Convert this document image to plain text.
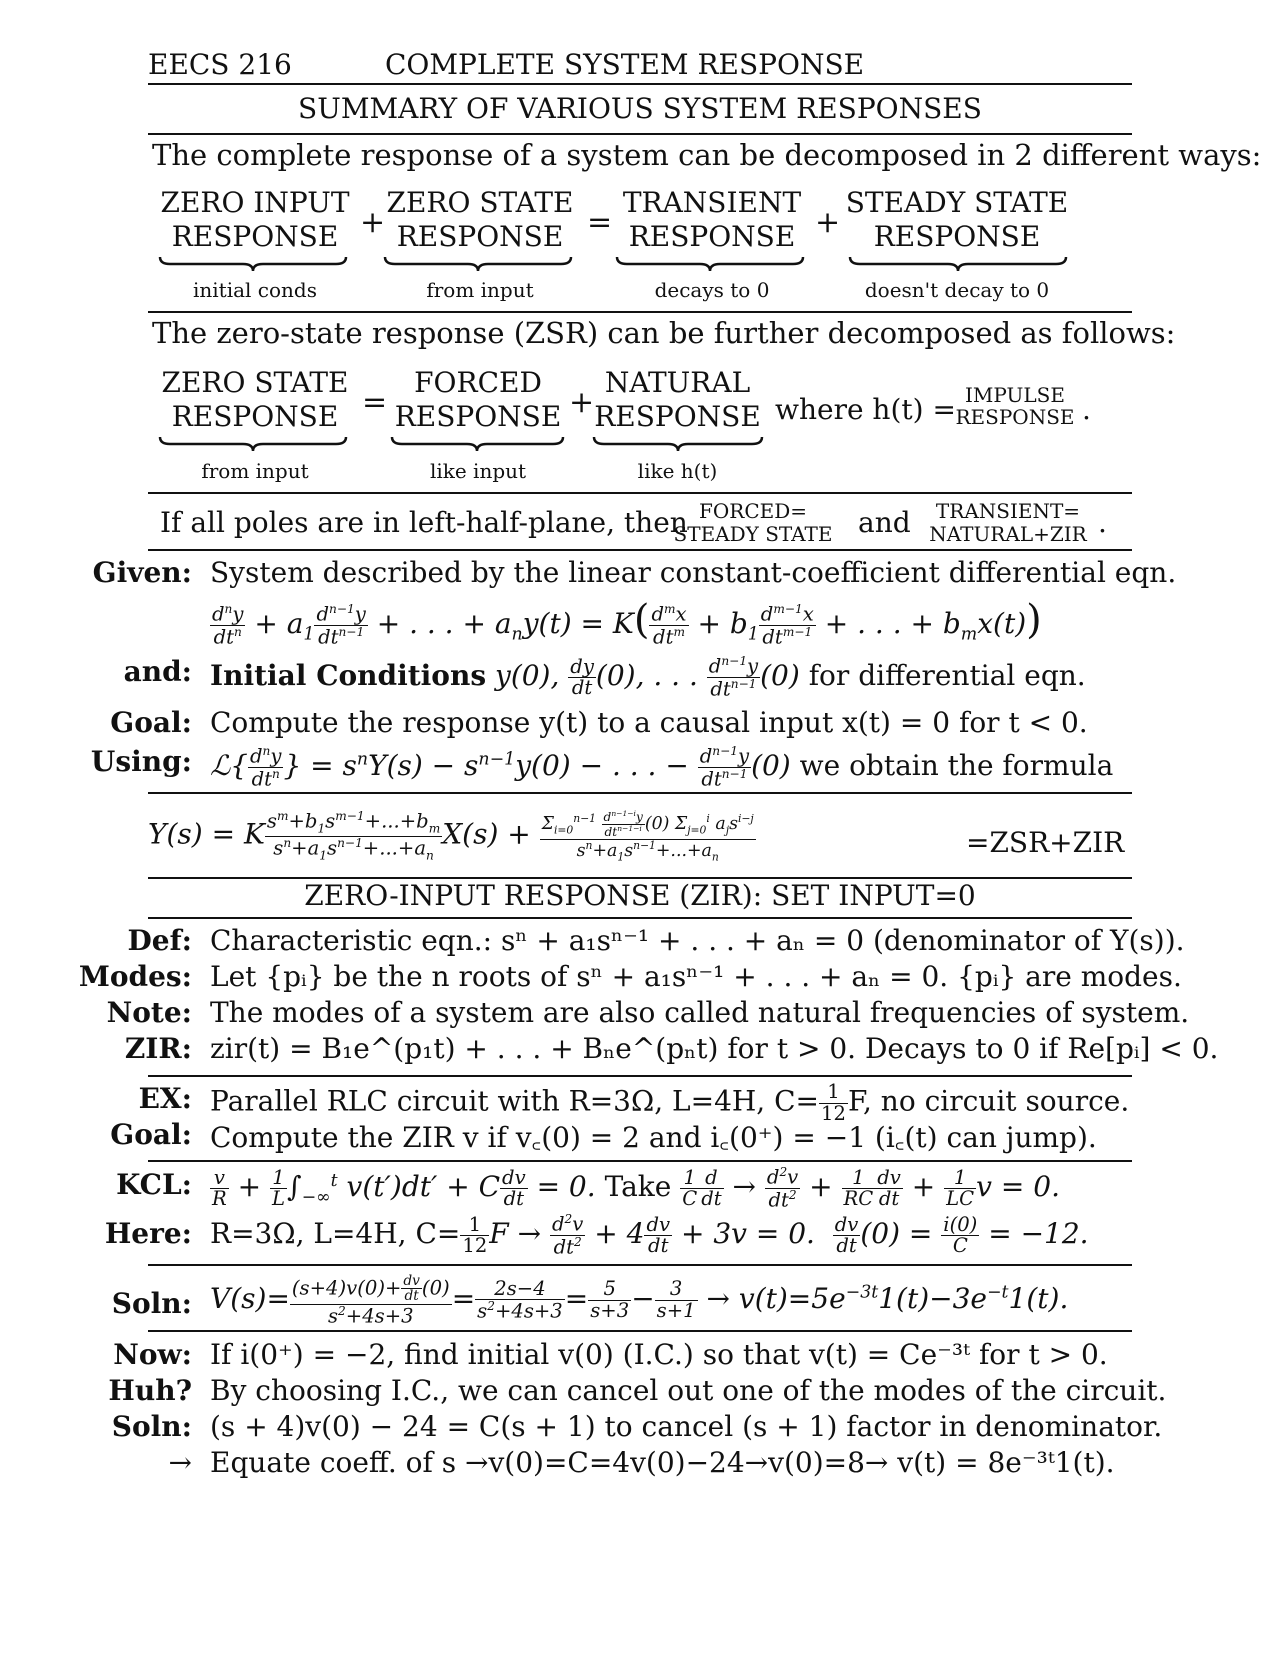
EECS 216	COMPLETE SYSTEM RESPONSE
SUMMARY OF VARIOUS SYSTEM RESPONSES
The complete response of a system can be decomposed in 2 different ways:
ZERO INPUT
RESPONSE
initial conds
+
ZERO STATE
RESPONSE
from input
=
TRANSIENT
RESPONSE
decays to 0
+
STEADY STATE
RESPONSE
doesn't decay to 0
The zero-state response (ZSR) can be further decomposed as follows:
ZERO STATE
RESPONSE
from input
=
FORCED
RESPONSE
like input
+
NATURAL
RESPONSE
like h(t)
where h(t) = IMPULSE
RESPONSE .
If all poles are in left-half-plane, then FORCED=
STEADY STATE and	TRANSIENT=
NATURAL+ZIR .
Given: System described by the linear constant-coefficient differential eqn.
$\frac{d^ny}{dt^n} + a_1 \frac{d^{n-1}y}{dt^{n-1}}$ + . . . + $a_ny(t) = K( \frac{d^mx}{dt^m} + b_1 \frac{d^{m-1}x}{dt^{m-1}}$ + . . . + $b_mx(t)$)
and: Initial Conditions y(0), $\frac{dy}{dt} (0)$, . . . $\frac{d^{n-1}y}{dt^{n-1}} (0)$ for differential eqn.
Goal: Compute the response y(t) to a causal input x(t) = 0 for t < 0.
Using: ℒ{ $\frac{d^ny}{dt^n}$ } = $s^nY(s) - s^{n-1}y(0)$ − . . . − $\frac{d^{n-1}y}{dt^{n-1}} (0)$ we obtain the formula
Y(s) = K $\frac{s^m+b_1s^{m-1}+...+b_m}{s^n+a_1s^{n-1}+...+a_n} X(s) + \frac{\Sigma_{i=0}^{n-1} \frac{d^{n-1-i}y}{dt^{n-1-i}} (0) \Sigma_{j=0}^i a_js^{i-j}}{s^n+a_1s^{n-1}+...+a_n}$	=ZSR+ZIR
ZERO-INPUT RESPONSE (ZIR): SET INPUT=0
Def: Characteristic eqn.: sⁿ + a₁sⁿ⁻¹ + . . . + aₙ = 0 (denominator of Y(s)).
Modes: Let {pᵢ} be the n roots of sⁿ + a₁sⁿ⁻¹ + . . . + aₙ = 0. {pᵢ} are modes.
Note: The modes of a system are also called natural frequencies of system.
ZIR: zir(t) = B₁e^(p₁t) + . . . + Bₙe^(pₙt) for t > 0. Decays to 0 if Re[pᵢ] < 0.
EX: Parallel RLC circuit with R=3Ω, L=4H, $C= \frac{1}{12} F$, no circuit source.
Goal: Compute the ZIR v if v꜀(0) = 2 and i꜀(0⁺) = −1 (i꜀(t) can jump).
KCL: $\frac{v}{R} + \frac{1}{L} \int_{-\infty}^t$ v(t′)dt′ + C $\frac{dv}{dt} = 0$. Take $\frac{1}{C} \frac{d}{dt} \to \frac{d^2v}{dt^2} + \frac{1}{RC} \frac{dv}{dt} + \frac{1}{LC}$ v = 0.
Here: R=3Ω, L=4H, $C= \frac{1}{12}$ $F \to \frac{d^2v}{dt^2} + 4 \frac{dv}{dt} + 3v = 0$. $\frac{dv}{dt} (0) = \frac{i(0)}{C} = -12$.
Soln: $V(s)= \frac{(s+4)v(0)+ \frac{dv}{dt} (0)}{s^2+4s+3} = \frac{2s-4}{s^2+4s+3} = \frac{5}{s+3} - \frac{3}{s+1} \to v(t)=5e^{-3t}1(t)-3e^{-t}1(t)$.
Now: If i(0⁺) = −2, find initial v(0) (I.C.) so that v(t) = Ce⁻³ᵗ for t > 0.
Huh? By choosing I.C., we can cancel out one of the modes of the circuit.
Soln: (s + 4)v(0) − 24 = C(s + 1) to cancel (s + 1) factor in denominator.
→ Equate coeff. of s →v(0)=C=4v(0)−24→v(0)=8→ v(t) = 8e⁻³ᵗ1(t).
